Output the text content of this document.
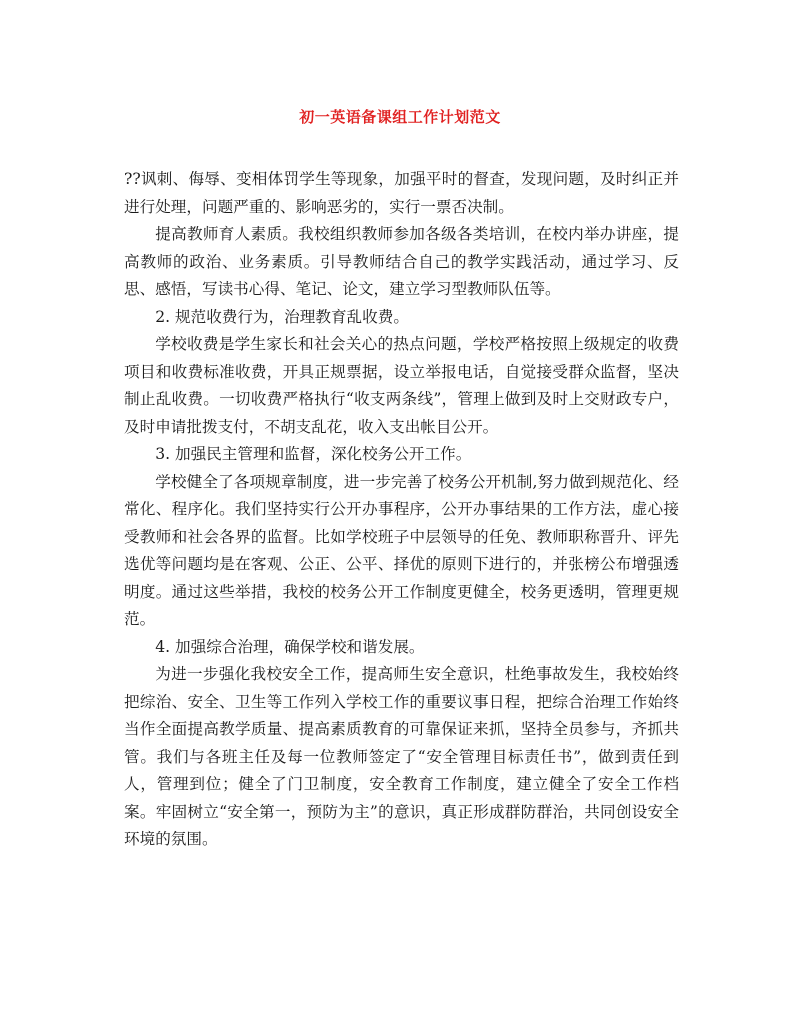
初一英语备课组工作计划范文

??讽刺、侮辱、变相体罚学生等现象，加强平时的督查，发现问题，及时纠正并进行处理，问题严重的、影响恶劣的，实行一票否决制。

提高教师育人素质。我校组织教师参加各级各类培训，在校内举办讲座，提高教师的政治、业务素质。引导教师结合自己的教学实践活动，通过学习、反思、感悟，写读书心得、笔记、论文，建立学习型教师队伍等。

2. 规范收费行为，治理教育乱收费。

学校收费是学生家长和社会关心的热点问题，学校严格按照上级规定的收费项目和收费标准收费，开具正规票据，设立举报电话，自觉接受群众监督，坚决制止乱收费。一切收费严格执行“收支两条线”，管理上做到及时上交财政专户，及时申请批拨支付，不胡支乱花，收入支出帐目公开。

3. 加强民主管理和监督，深化校务公开工作。

学校健全了各项规章制度，进一步完善了校务公开机制,努力做到规范化、经常化、程序化。我们坚持实行公开办事程序，公开办事结果的工作方法，虚心接受教师和社会各界的监督。比如学校班子中层领导的任免、教师职称晋升、评先选优等问题均是在客观、公正、公平、择优的原则下进行的，并张榜公布增强透明度。通过这些举措，我校的校务公开工作制度更健全，校务更透明，管理更规范。

4. 加强综合治理，确保学校和谐发展。

为进一步强化我校安全工作，提高师生安全意识，杜绝事故发生，我校始终把综治、安全、卫生等工作列入学校工作的重要议事日程，把综合治理工作始终当作全面提高教学质量、提高素质教育的可靠保证来抓，坚持全员参与，齐抓共管。我们与各班主任及每一位教师签定了“安全管理目标责任书”，做到责任到人，管理到位；健全了门卫制度，安全教育工作制度，建立健全了安全工作档案。牢固树立“安全第一，预防为主”的意识，真正形成群防群治，共同创设安全环境的氛围。
